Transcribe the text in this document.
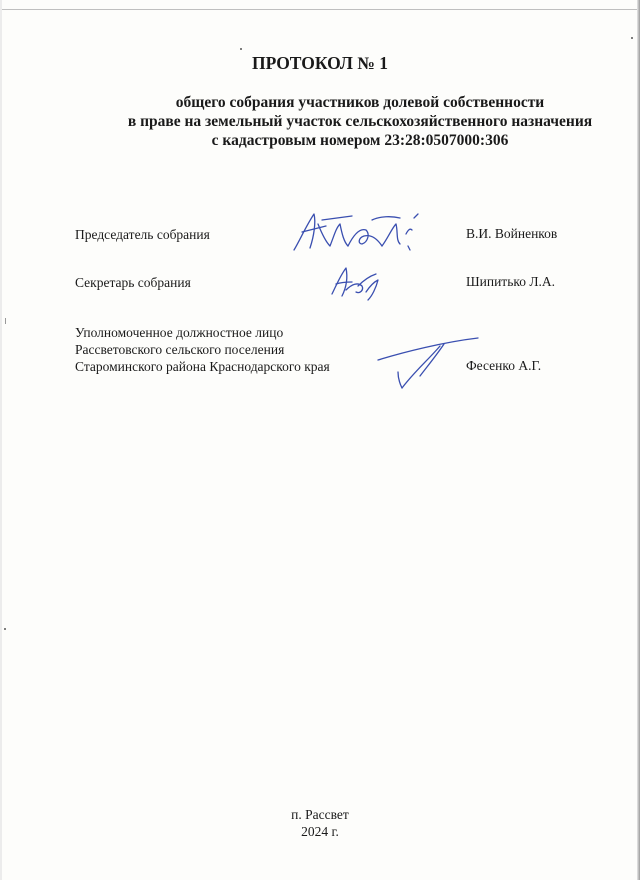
ПРОТОКОЛ № 1
общего собрания участников долевой собственности
в праве на земельный участок сельскохозяйственного назначения
с кадастровым номером 23:28:0507000:306
Председатель собрания	В.И. Войненков

Секретарь собрания	Шипитько Л.А.

Уполномоченное должностное лицо
Рассветовского сельского поселения
Староминского района Краснодарского края	Фесенко А.Г.

п. Рассвет
2024 г.
